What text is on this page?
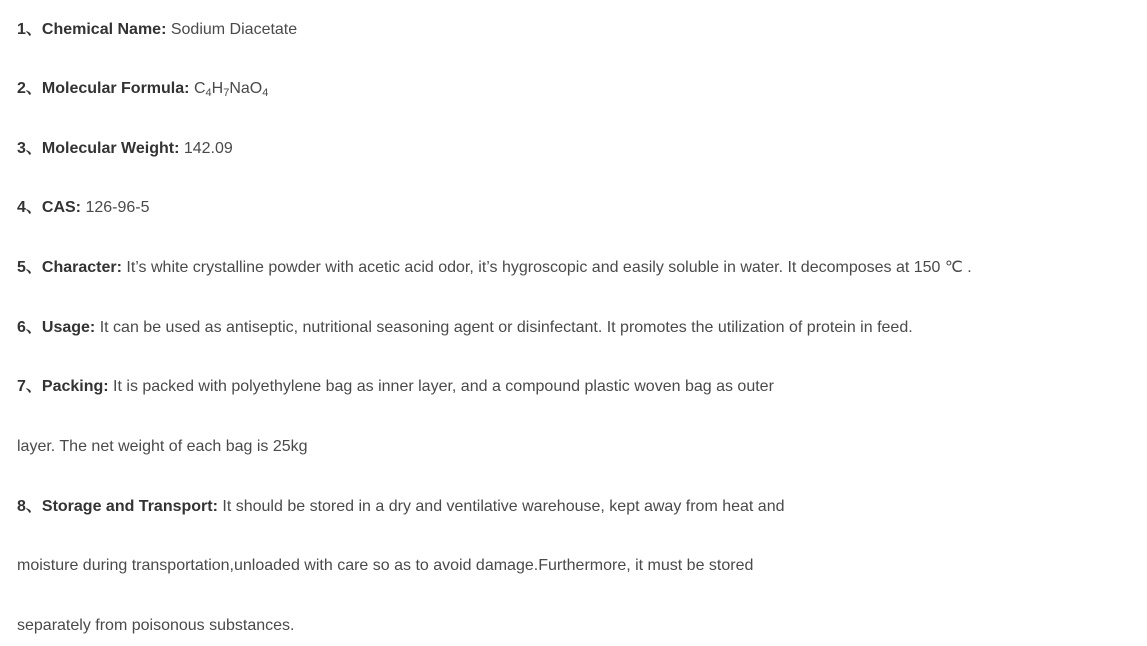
1、Chemical Name: Sodium Diacetate
2、Molecular Formula: $C_4H_7NaO_4$
3、Molecular Weight: 142.09
4、CAS: 126-96-5
5、Character: It’s white crystalline powder with acetic acid odor, it’s hygroscopic and easily soluble in water. It decomposes at 150 ℃ .
6、Usage: It can be used as antiseptic, nutritional seasoning agent or disinfectant. It promotes the utilization of protein in feed.
7、Packing: It is packed with polyethylene bag as inner layer, and a compound plastic woven bag as outer
layer. The net weight of each bag is 25kg
8、Storage and Transport: It should be stored in a dry and ventilative warehouse, kept away from heat and
moisture during transportation,unloaded with care so as to avoid damage.Furthermore, it must be stored
separately from poisonous substances.
